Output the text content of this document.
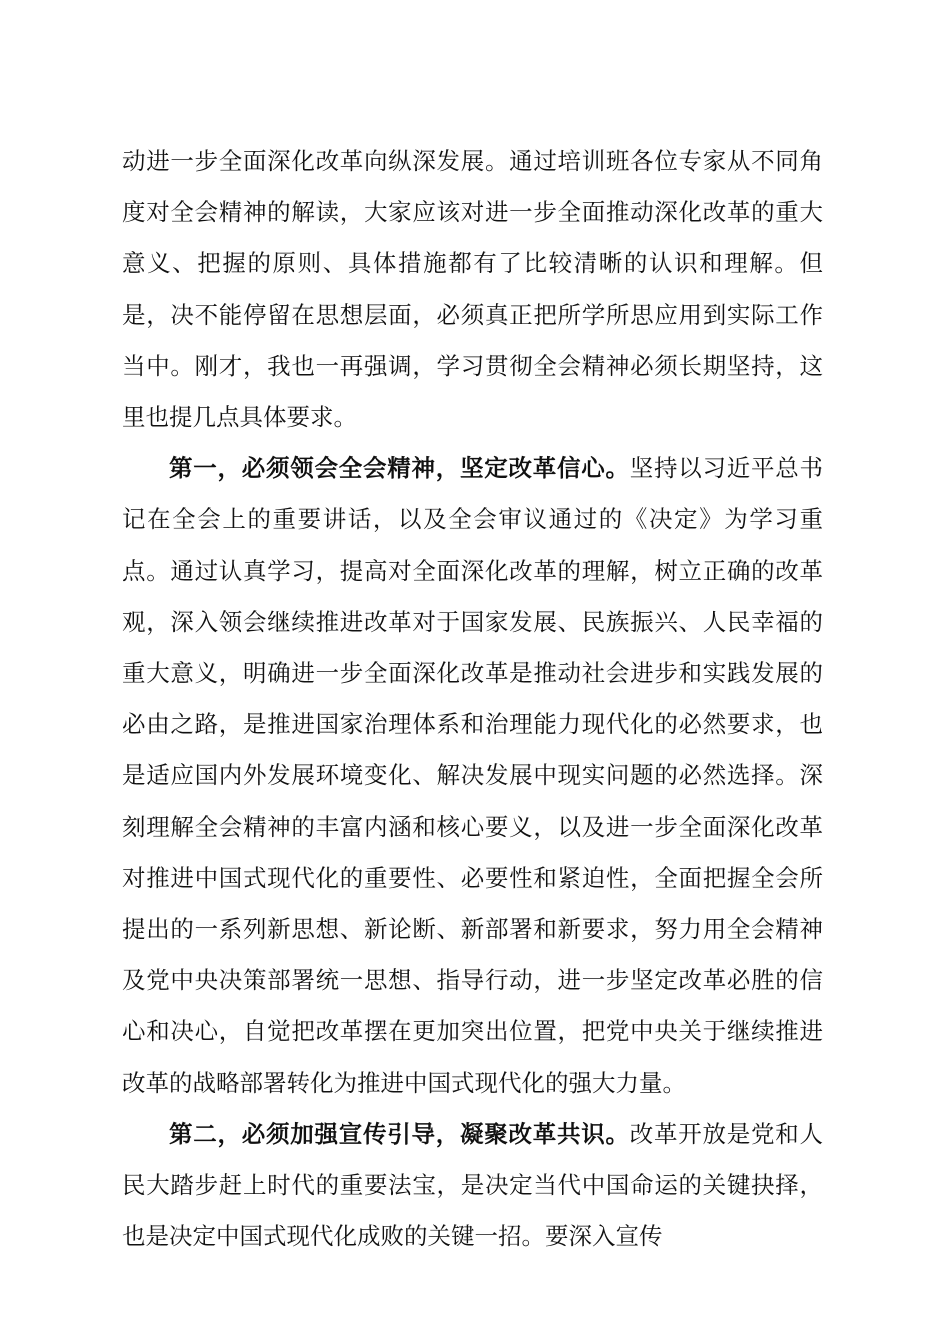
动进一步全面深化改革向纵深发展。通过培训班各位专家从不同角度对全会精神的解读，大家应该对进一步全面推动深化改革的重大意义、把握的原则、具体措施都有了比较清晰的认识和理解。但是，决不能停留在思想层面，必须真正把所学所思应用到实际工作当中。刚才，我也一再强调，学习贯彻全会精神必须长期坚持，这里也提几点具体要求。

第一，必须领会全会精神，坚定改革信心。坚持以习近平总书记在全会上的重要讲话，以及全会审议通过的《决定》为学习重点。通过认真学习，提高对全面深化改革的理解，树立正确的改革观，深入领会继续推进改革对于国家发展、民族振兴、人民幸福的重大意义，明确进一步全面深化改革是推动社会进步和实践发展的必由之路，是推进国家治理体系和治理能力现代化的必然要求，也是适应国内外发展环境变化、解决发展中现实问题的必然选择。深刻理解全会精神的丰富内涵和核心要义，以及进一步全面深化改革对推进中国式现代化的重要性、必要性和紧迫性，全面把握全会所提出的一系列新思想、新论断、新部署和新要求，努力用全会精神及党中央决策部署统一思想、指导行动，进一步坚定改革必胜的信心和决心，自觉把改革摆在更加突出位置，把党中央关于继续推进改革的战略部署转化为推进中国式现代化的强大力量。

第二，必须加强宣传引导，凝聚改革共识。改革开放是党和人民大踏步赶上时代的重要法宝，是决定当代中国命运的关键抉择，也是决定中国式现代化成败的关键一招。要深入宣传
